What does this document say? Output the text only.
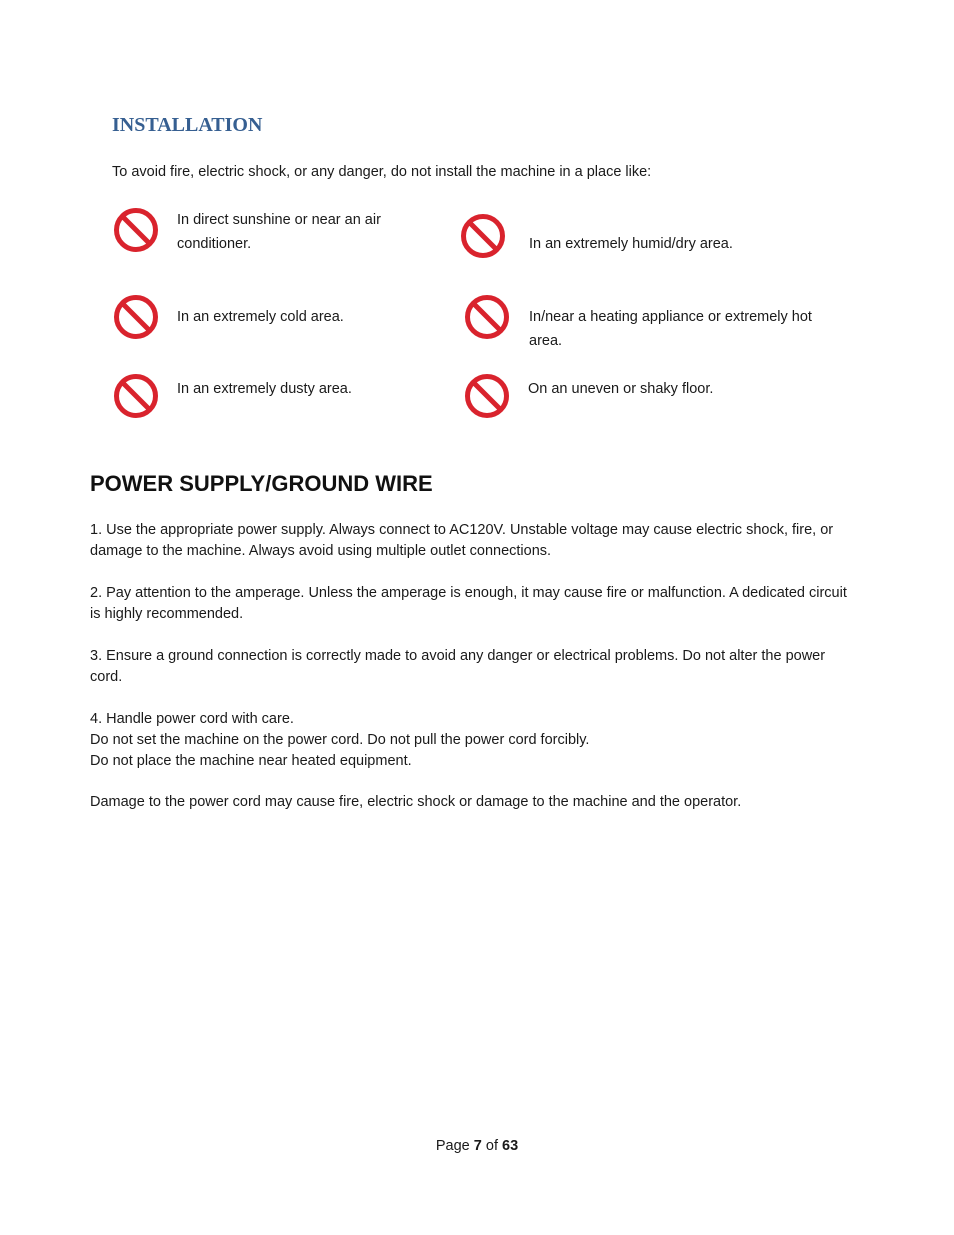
INSTALLATION

To avoid fire, electric shock, or any danger, do not install the machine in a place like:

In direct sunshine or near an air
conditioner.	In an extremely humid/dry area.
In an extremely cold area.	In/near a heating appliance or extremely hot
area.
In an extremely dusty area.	On an uneven or shaky floor.
POWER SUPPLY/GROUND WIRE

1. Use the appropriate power supply. Always connect to AC120V. Unstable voltage may cause electric shock, fire, or damage to the machine. Always avoid using multiple outlet connections.

2. Pay attention to the amperage. Unless the amperage is enough, it may cause fire or malfunction. A dedicated circuit is highly recommended.

3. Ensure a ground connection is correctly made to avoid any danger or electrical problems. Do not alter the power cord.

4. Handle power cord with care.
Do not set the machine on the power cord. Do not pull the power cord forcibly.
Do not place the machine near heated equipment.

Damage to the power cord may cause fire, electric shock or damage to the machine and the operator.

Page 7 of 63
